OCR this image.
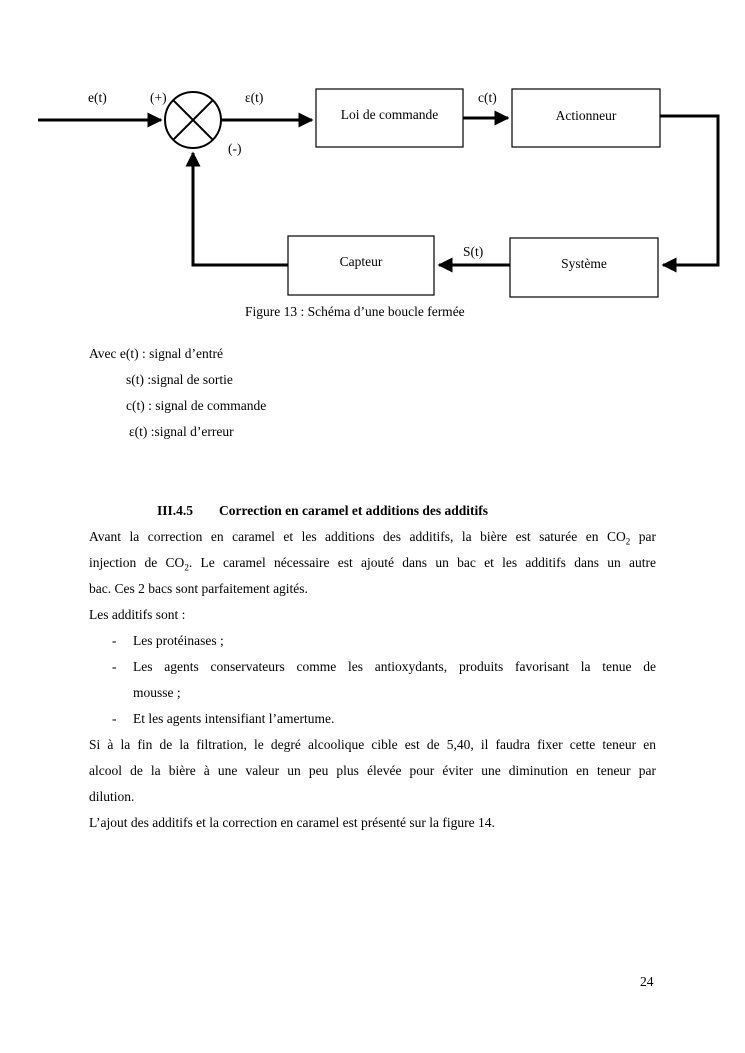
Loi de commande	Actionneur
Système
Capteur
e(t)	(+)	ε(t)
(-)
c(t)
S(t)
Figure 13 : Schéma d’une boucle fermée
Avec e(t) : signal d’entré
s(t) :signal de sortie
c(t) : signal de commande
ε(t) :signal d’erreur
III.4.5 Correction en caramel et additions des additifs
Avant la correction en caramel et les additions des additifs, la bière est saturée en $CO_2$ par
injection de $CO_2$. Le caramel nécessaire est ajouté dans un bac et les additifs dans un autre
bac. Ces 2 bacs sont parfaitement agités.
Les additifs sont :
- Les protéinases ;
- Les agents conservateurs comme les antioxydants, produits favorisant la tenue de
mousse ;
- Et les agents intensifiant l’amertume.
Si à la fin de la filtration, le degré alcoolique cible est de 5,40, il faudra fixer cette teneur en
alcool de la bière à une valeur un peu plus élevée pour éviter une diminution en teneur par
dilution.
L’ajout des additifs et la correction en caramel est présenté sur la figure 14.
24
